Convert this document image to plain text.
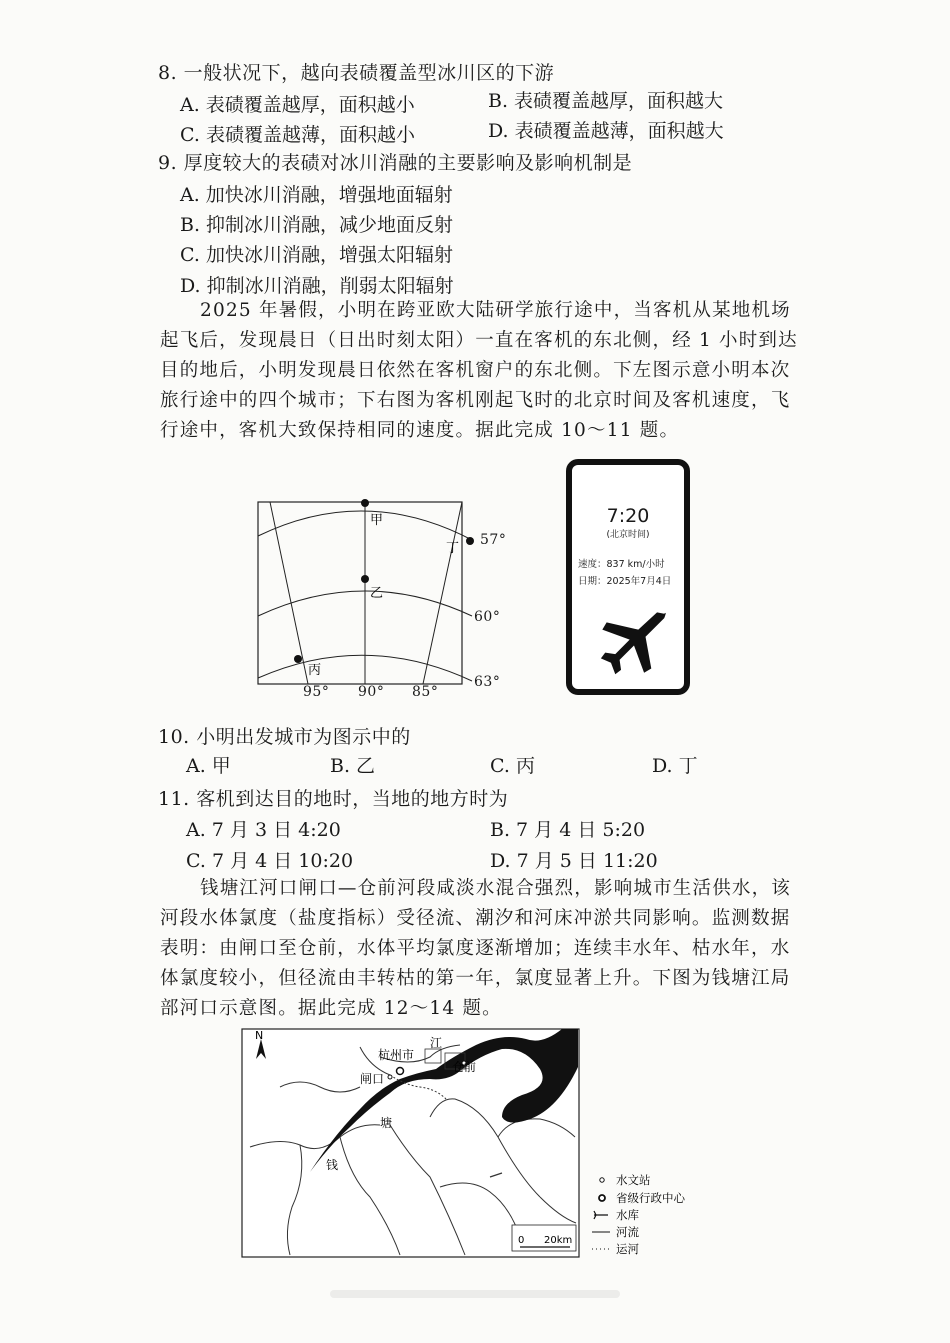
8. 一般状况下，越向表碛覆盖型冰川区的下游
A. 表碛覆盖越厚，面积越小	B. 表碛覆盖越厚，面积越大
C. 表碛覆盖越薄，面积越小	D. 表碛覆盖越薄，面积越大
9. 厚度较大的表碛对冰川消融的主要影响及影响机制是
A. 加快冰川消融，增强地面辐射
B. 抑制冰川消融，减少地面反射
C. 加快冰川消融，增强太阳辐射
D. 抑制冰川消融，削弱太阳辐射
2025 年暑假，小明在跨亚欧大陆研学旅行途中，当客机从某地机场起飞后，发现晨日（日出时刻太阳）一直在客机的东北侧，经 1 小时到达目的地后，小明发现晨日依然在客机窗户的东北侧。下左图示意小明本次旅行途中的四个城市；下右图为客机刚起飞时的北京时间及客机速度，飞行途中，客机大致保持相同的速度。据此完成 10～11 题。
甲
乙
丙
丁
57°
60°
63°
95° 90° 85°
7:20
(北京时间)
速度：837 km/小时
日期：2025年7月4日
10. 小明出发城市为图示中的
A. 甲	B. 乙	C. 丙	D. 丁
11. 客机到达目的地时，当地的地方时为
A. 7 月 3 日 4:20	B. 7 月 4 日 5:20
C. 7 月 4 日 10:20	D. 7 月 5 日 11:20
钱塘江河口闸口—仓前河段咸淡水混合强烈，影响城市生活供水，该河段水体氯度（盐度指标）受径流、潮汐和河床冲淤共同影响。监测数据表明：由闸口至仓前，水体平均氯度逐渐增加；连续丰水年、枯水年，水体氯度较小，但径流由丰转枯的第一年，氯度显著上升。下图为钱塘江局部河口示意图。据此完成 12～14 题。
N
杭州市
江
仓前
闸口
塘
钱
0 20km
水文站
省级行政中心
水库
河流
运河
